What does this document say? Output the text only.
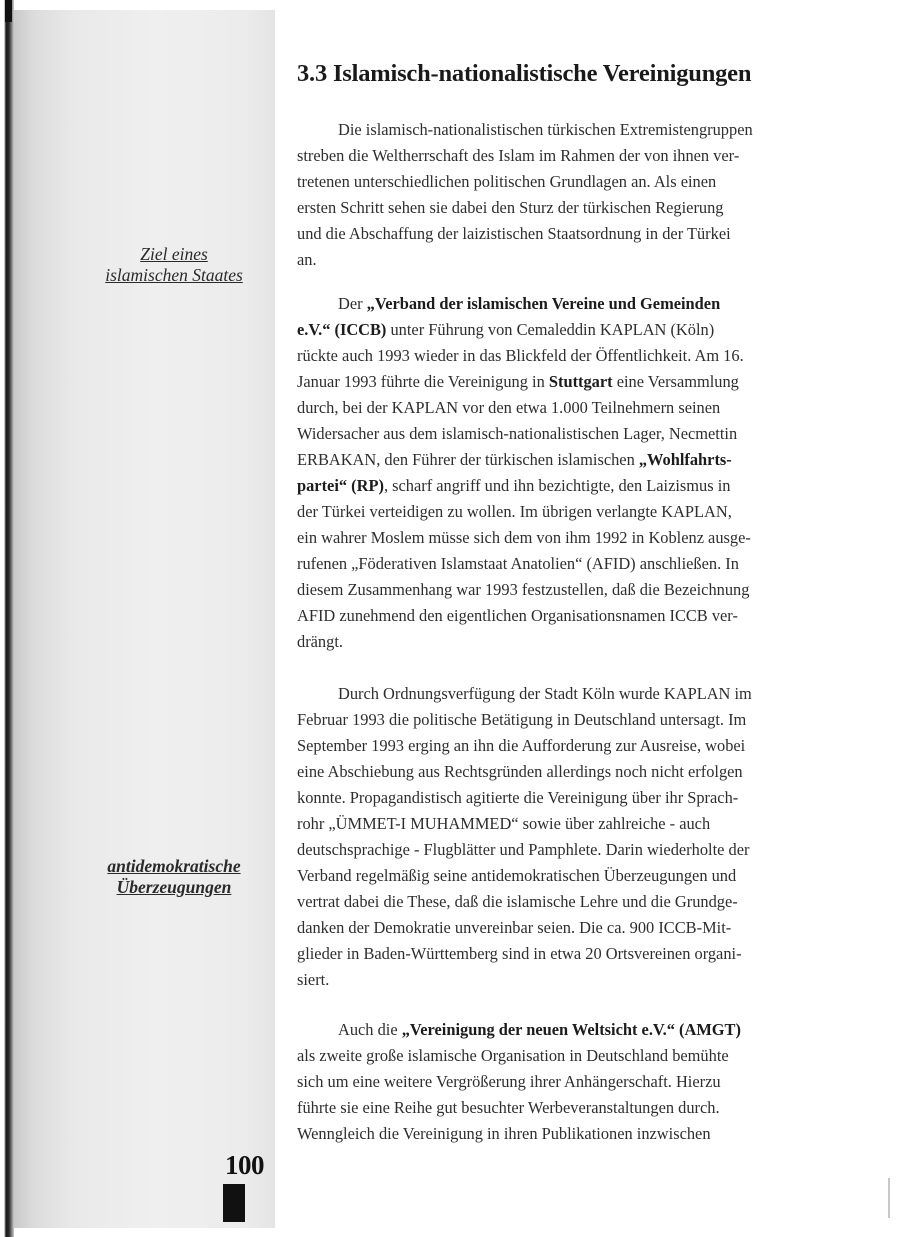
Ziel eines
islamischen Staates
antidemokratische
Überzeugungen
100
3.3 Islamisch-nationalistische Vereinigungen

Die islamisch-nationalistischen türkischen Extremistengruppen
streben die Weltherrschaft des Islam im Rahmen der von ihnen ver-
tretenen unterschiedlichen politischen Grundlagen an. Als einen
ersten Schritt sehen sie dabei den Sturz der türkischen Regierung
und die Abschaffung der laizistischen Staatsordnung in der Türkei
an.

Der „Verband der islamischen Vereine und Gemeinden
e.V.“ (ICCB) unter Führung von Cemaleddin KAPLAN (Köln)
rückte auch 1993 wieder in das Blickfeld der Öffentlichkeit. Am 16.
Januar 1993 führte die Vereinigung in Stuttgart eine Versammlung
durch, bei der KAPLAN vor den etwa 1.000 Teilnehmern seinen
Widersacher aus dem islamisch-nationalistischen Lager, Necmettin
ERBAKAN, den Führer der türkischen islamischen „Wohlfahrts-
partei“ (RP), scharf angriff und ihn bezichtigte, den Laizismus in
der Türkei verteidigen zu wollen. Im übrigen verlangte KAPLAN,
ein wahrer Moslem müsse sich dem von ihm 1992 in Koblenz ausge-
rufenen „Föderativen Islamstaat Anatolien“ (AFID) anschließen. In
diesem Zusammenhang war 1993 festzustellen, daß die Bezeichnung
AFID zunehmend den eigentlichen Organisationsnamen ICCB ver-
drängt.

Durch Ordnungsverfügung der Stadt Köln wurde KAPLAN im
Februar 1993 die politische Betätigung in Deutschland untersagt. Im
September 1993 erging an ihn die Aufforderung zur Ausreise, wobei
eine Abschiebung aus Rechtsgründen allerdings noch nicht erfolgen
konnte. Propagandistisch agitierte die Vereinigung über ihr Sprach-
rohr „ÜMMET-I MUHAMMED“ sowie über zahlreiche - auch
deutschsprachige - Flugblätter und Pamphlete. Darin wiederholte der
Verband regelmäßig seine antidemokratischen Überzeugungen und
vertrat dabei die These, daß die islamische Lehre und die Grundge-
danken der Demokratie unvereinbar seien. Die ca. 900 ICCB-Mit-
glieder in Baden-Württemberg sind in etwa 20 Ortsvereinen organi-
siert.

Auch die „Vereinigung der neuen Weltsicht e.V.“ (AMGT)
als zweite große islamische Organisation in Deutschland bemühte
sich um eine weitere Vergrößerung ihrer Anhängerschaft. Hierzu
führte sie eine Reihe gut besuchter Werbeveranstaltungen durch.
Wenngleich die Vereinigung in ihren Publikationen inzwischen
